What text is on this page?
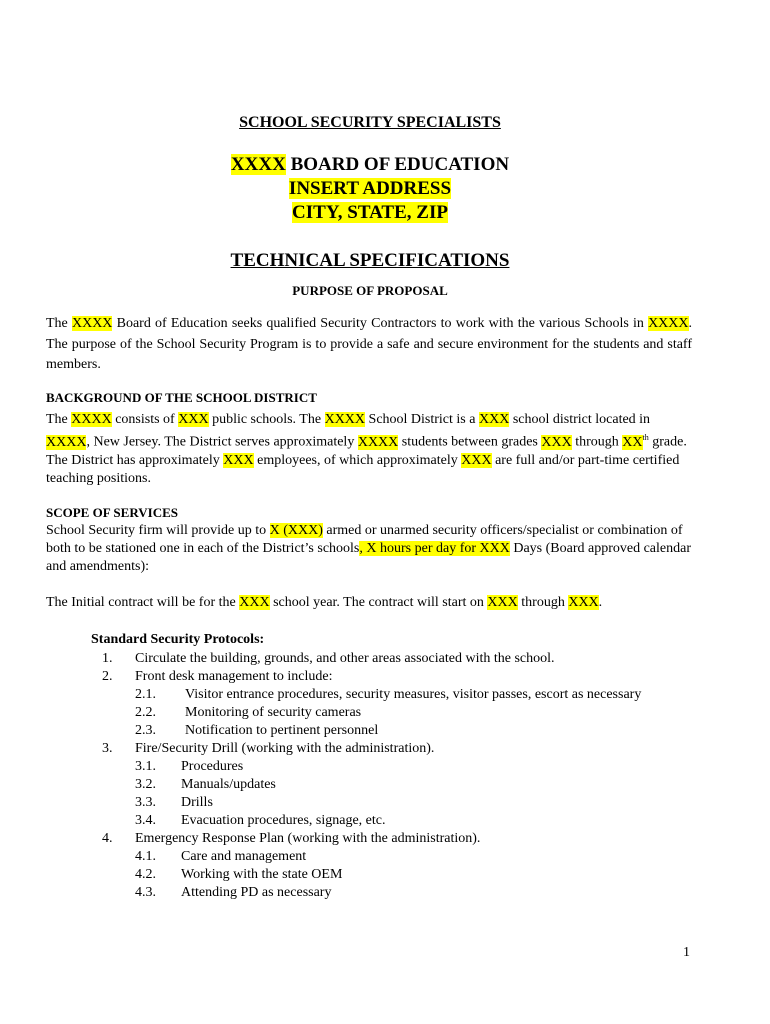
SCHOOL SECURITY SPECIALISTS
XXXX BOARD OF EDUCATION
INSERT ADDRESS
CITY, STATE, ZIP
TECHNICAL SPECIFICATIONS
PURPOSE OF PROPOSAL
The XXXX Board of Education seeks qualified Security Contractors to work with the various Schools in XXXX. The purpose of the School Security Program is to provide a safe and secure environment for the students and staff members.
BACKGROUND OF THE SCHOOL DISTRICT
The XXXX consists of XXX public schools. The XXXX School District is a XXX school district located in XXXX, New Jersey. The District serves approximately XXXX students between grades XXX through XXth grade. The District has approximately XXX employees, of which approximately XXX are full and/or part-time certified teaching positions.
SCOPE OF SERVICES
School Security firm will provide up to X (XXX) armed or unarmed security officers/specialist or combination of both to be stationed one in each of the District’s schools, X hours per day for XXX Days (Board approved calendar and amendments):
The Initial contract will be for the XXX school year. The contract will start on XXX through XXX.
Standard Security Protocols:
1. Circulate the building, grounds, and other areas associated with the school.
2. Front desk management to include:
2.1. Visitor entrance procedures, security measures, visitor passes, escort as necessary
2.2. Monitoring of security cameras
2.3. Notification to pertinent personnel
3. Fire/Security Drill (working with the administration).
3.1. Procedures
3.2. Manuals/updates
3.3. Drills
3.4. Evacuation procedures, signage, etc.
4. Emergency Response Plan (working with the administration).
4.1. Care and management
4.2. Working with the state OEM
4.3. Attending PD as necessary
1
